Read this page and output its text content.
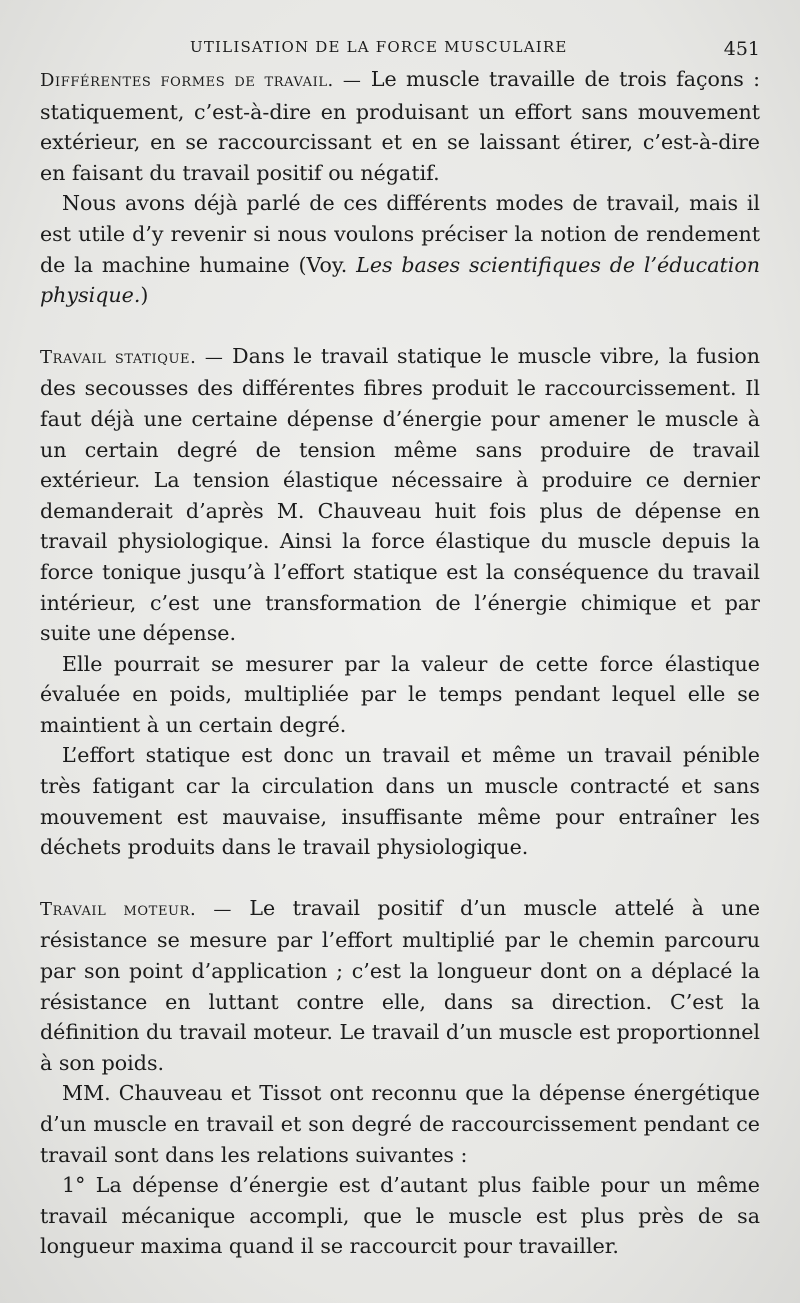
UTILISATION DE LA FORCE MUSCULAIRE	451

Différentes formes de travail. — Le muscle travaille de trois façons : statiquement, c’est-à-dire en produisant un effort sans mouvement extérieur, en se raccourcissant et en se laissant étirer, c’est-à-dire en faisant du travail positif ou négatif.

Nous avons déjà parlé de ces différents modes de travail, mais il est utile d’y revenir si nous voulons préciser la notion de rendement de la machine humaine (Voy. Les bases scientifiques de l’éducation physique.)

Travail statique. — Dans le travail statique le muscle vibre, la fusion des secousses des différentes fibres produit le raccourcissement. Il faut déjà une certaine dépense d’énergie pour amener le muscle à un certain degré de tension même sans produire de travail extérieur. La tension élastique nécessaire à produire ce dernier demanderait d’après M. Chauveau huit fois plus de dépense en travail physiologique. Ainsi la force élastique du muscle depuis la force tonique jusqu’à l’effort statique est la conséquence du travail intérieur, c’est une transformation de l’énergie chimique et par suite une dépense.

Elle pourrait se mesurer par la valeur de cette force élastique évaluée en poids, multipliée par le temps pendant lequel elle se maintient à un certain degré.

L’effort statique est donc un travail et même un travail pénible très fatigant car la circulation dans un muscle contracté et sans mouvement est mauvaise, insuffisante même pour entraîner les déchets produits dans le travail physiologique.

Travail moteur. — Le travail positif d’un muscle attelé à une résistance se mesure par l’effort multiplié par le chemin parcouru par son point d’application ; c’est la longueur dont on a déplacé la résistance en luttant contre elle, dans sa direction. C’est la définition du travail moteur. Le travail d’un muscle est proportionnel à son poids.

MM. Chauveau et Tissot ont reconnu que la dépense énergétique d’un muscle en travail et son degré de raccourcissement pendant ce travail sont dans les relations suivantes :

1° La dépense d’énergie est d’autant plus faible pour un même travail mécanique accompli, que le muscle est plus près de sa longueur maxima quand il se raccourcit pour travailler.
